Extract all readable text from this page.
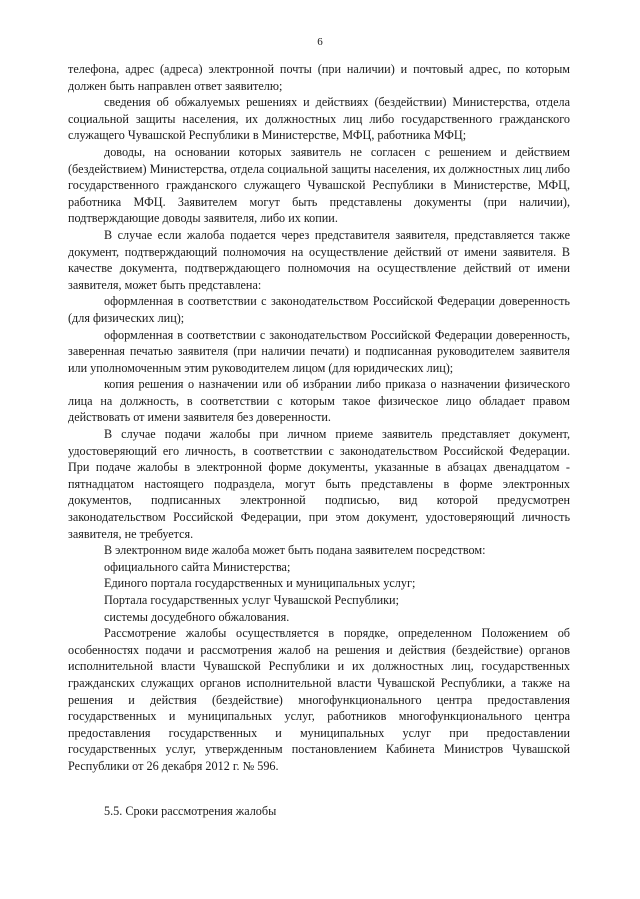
6

телефона, адрес (адреса) электронной почты (при наличии) и почтовый адрес, по которым должен быть направлен ответ заявителю;

сведения об обжалуемых решениях и действиях (бездействии) Министерства, отдела социальной защиты населения, их должностных лиц либо государственного гражданского служащего Чувашской Республики в Министерстве, МФЦ, работника МФЦ;

доводы, на основании которых заявитель не согласен с решением и действием (бездействием) Министерства, отдела социальной защиты населения, их должностных лиц либо государственного гражданского служащего Чувашской Республики в Министерстве, МФЦ, работника МФЦ. Заявителем могут быть представлены документы (при наличии), подтверждающие доводы заявителя, либо их копии.

В случае если жалоба подается через представителя заявителя, представляется также документ, подтверждающий полномочия на осуществление действий от имени заявителя. В качестве документа, подтверждающего полномочия на осуществление действий от имени заявителя, может быть представлена:

оформленная в соответствии с законодательством Российской Федерации доверенность (для физических лиц);

оформленная в соответствии с законодательством Российской Федерации доверенность, заверенная печатью заявителя (при наличии печати) и подписанная руководителем заявителя или уполномоченным этим руководителем лицом (для юридических лиц);

копия решения о назначении или об избрании либо приказа о назначении физического лица на должность, в соответствии с которым такое физическое лицо обладает правом действовать от имени заявителя без доверенности.

В случае подачи жалобы при личном приеме заявитель представляет документ, удостоверяющий его личность, в соответствии с законодательством Российской Федерации. При подаче жалобы в электронной форме документы, указанные в абзацах двенадцатом - пятнадцатом настоящего подраздела, могут быть представлены в форме электронных документов, подписанных электронной подписью, вид которой предусмотрен законодательством Российской Федерации, при этом документ, удостоверяющий личность заявителя, не требуется.

В электронном виде жалоба может быть подана заявителем посредством:

официального сайта Министерства;

Единого портала государственных и муниципальных услуг;

Портала государственных услуг Чувашской Республики;

системы досудебного обжалования.

Рассмотрение жалобы осуществляется в порядке, определенном Положением об особенностях подачи и рассмотрения жалоб на решения и действия (бездействие) органов исполнительной власти Чувашской Республики и их должностных лиц, государственных гражданских служащих органов исполнительной власти Чувашской Республики, а также на решения и действия (бездействие) многофункционального центра предоставления государственных и муниципальных услуг, работников многофункционального центра предоставления государственных и муниципальных услуг при предоставлении государственных услуг, утвержденным постановлением Кабинета Министров Чувашской Республики от 26 декабря 2012 г. № 596.

5.5. Сроки рассмотрения жалобы
